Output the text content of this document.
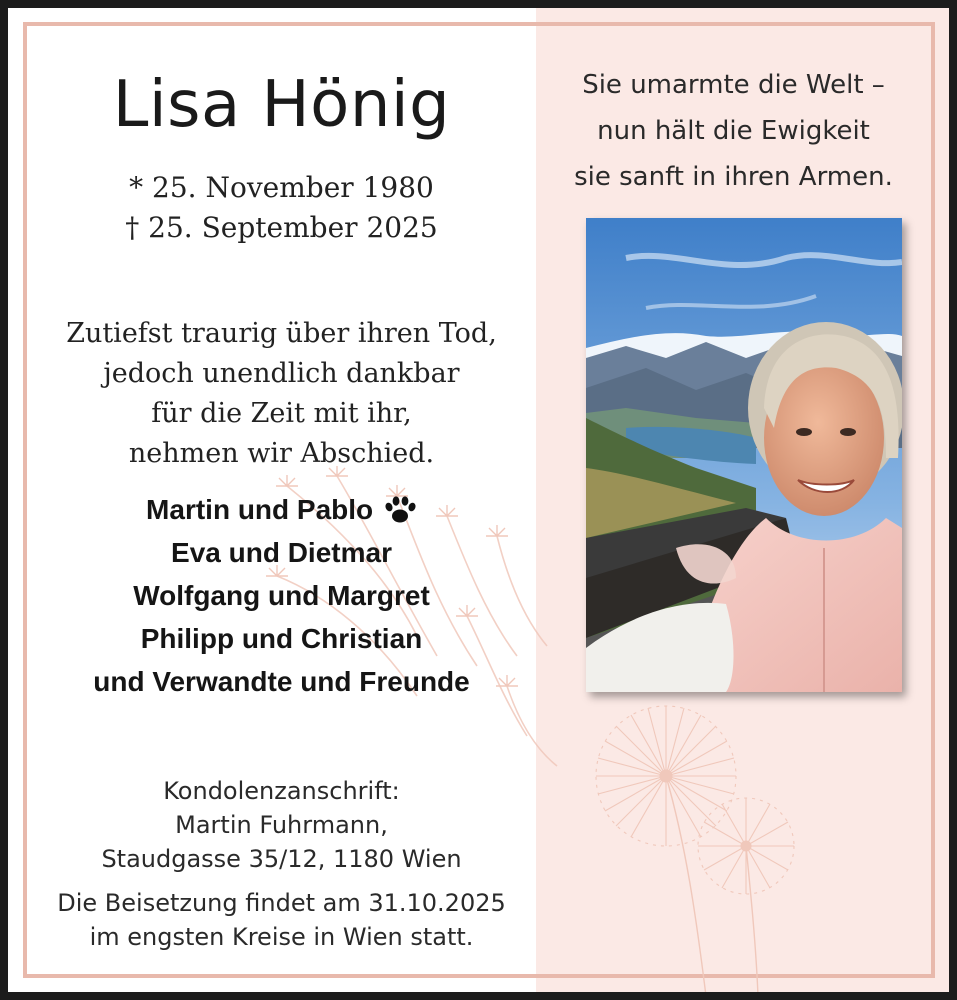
Lisa Hönig
* 25. November 1980
† 25. September 2025
Zutiefst traurig über ihren Tod,
jedoch unendlich dankbar
für die Zeit mit ihr,
nehmen wir Abschied.
Martin und Pablo
Eva und Dietmar
Wolfgang und Margret
Philipp und Christian
und Verwandte und Freunde
Kondolenzanschrift:
Martin Fuhrmann,
Staudgasse 35/12, 1180 Wien
Die Beisetzung findet am 31.10.2025
im engsten Kreise in Wien statt.
Sie umarmte die Welt –
nun hält die Ewigkeit
sie sanft in ihren Armen.
